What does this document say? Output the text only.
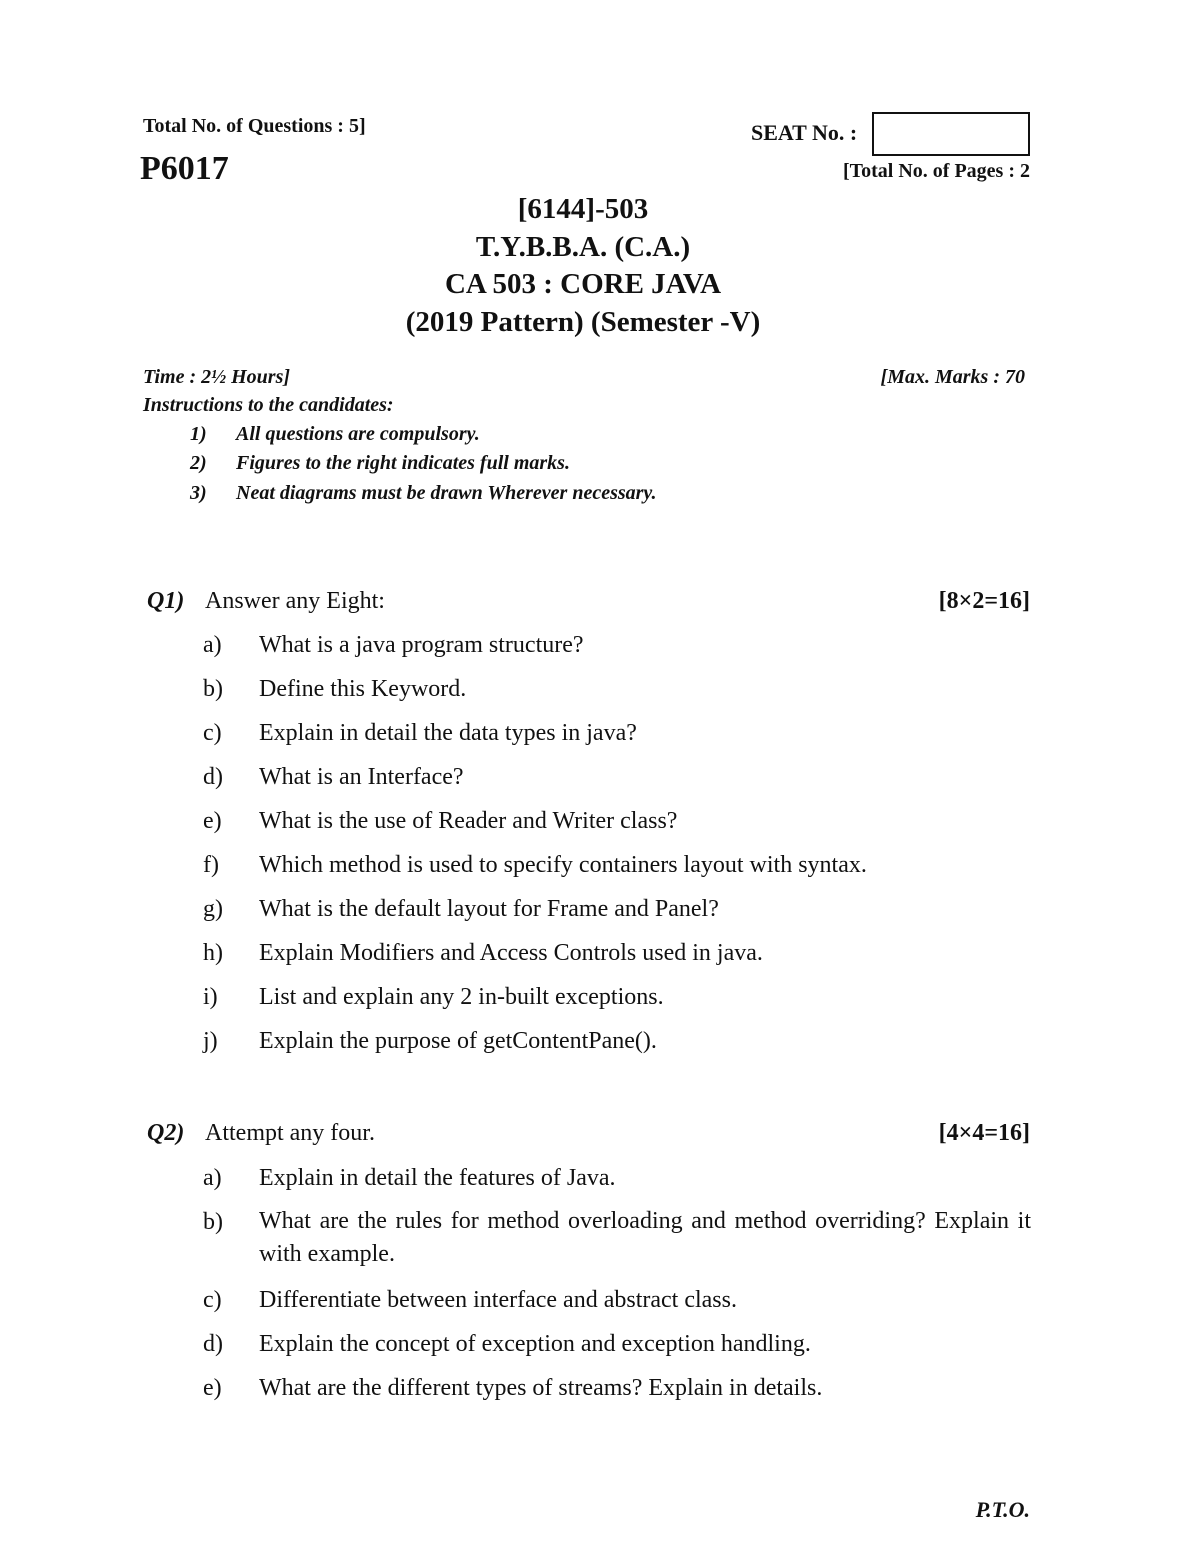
Total No. of Questions : 5]
P6017
SEAT No. :
[Total No. of Pages : 2
[6144]-503
T.Y.B.B.A. (C.A.)
CA 503 : CORE JAVA
(2019 Pattern) (Semester -V)
Time : 2½ Hours]	[Max. Marks : 70
Instructions to the candidates:
1) All questions are compulsory.
2) Figures to the right indicates full marks.
3) Neat diagrams must be drawn Wherever necessary.
Q1) Answer any Eight:	[8×2=16]
a) What is a java program structure?
b) Define this Keyword.
c) Explain in detail the data types in java?
d) What is an Interface?
e) What is the use of Reader and Writer class?
f) Which method is used to specify containers layout with syntax.
g) What is the default layout for Frame and Panel?
h) Explain Modifiers and Access Controls used in java.
i) List and explain any 2 in-built exceptions.
j) Explain the purpose of getContentPane().
Q2) Attempt any four.	[4×4=16]
a) Explain in detail the features of Java.
b) What are the rules for method overloading and method overriding? Explain it with example.
c) Differentiate between interface and abstract class.
d) Explain the concept of exception and exception handling.
e) What are the different types of streams? Explain in details.
P.T.O.
